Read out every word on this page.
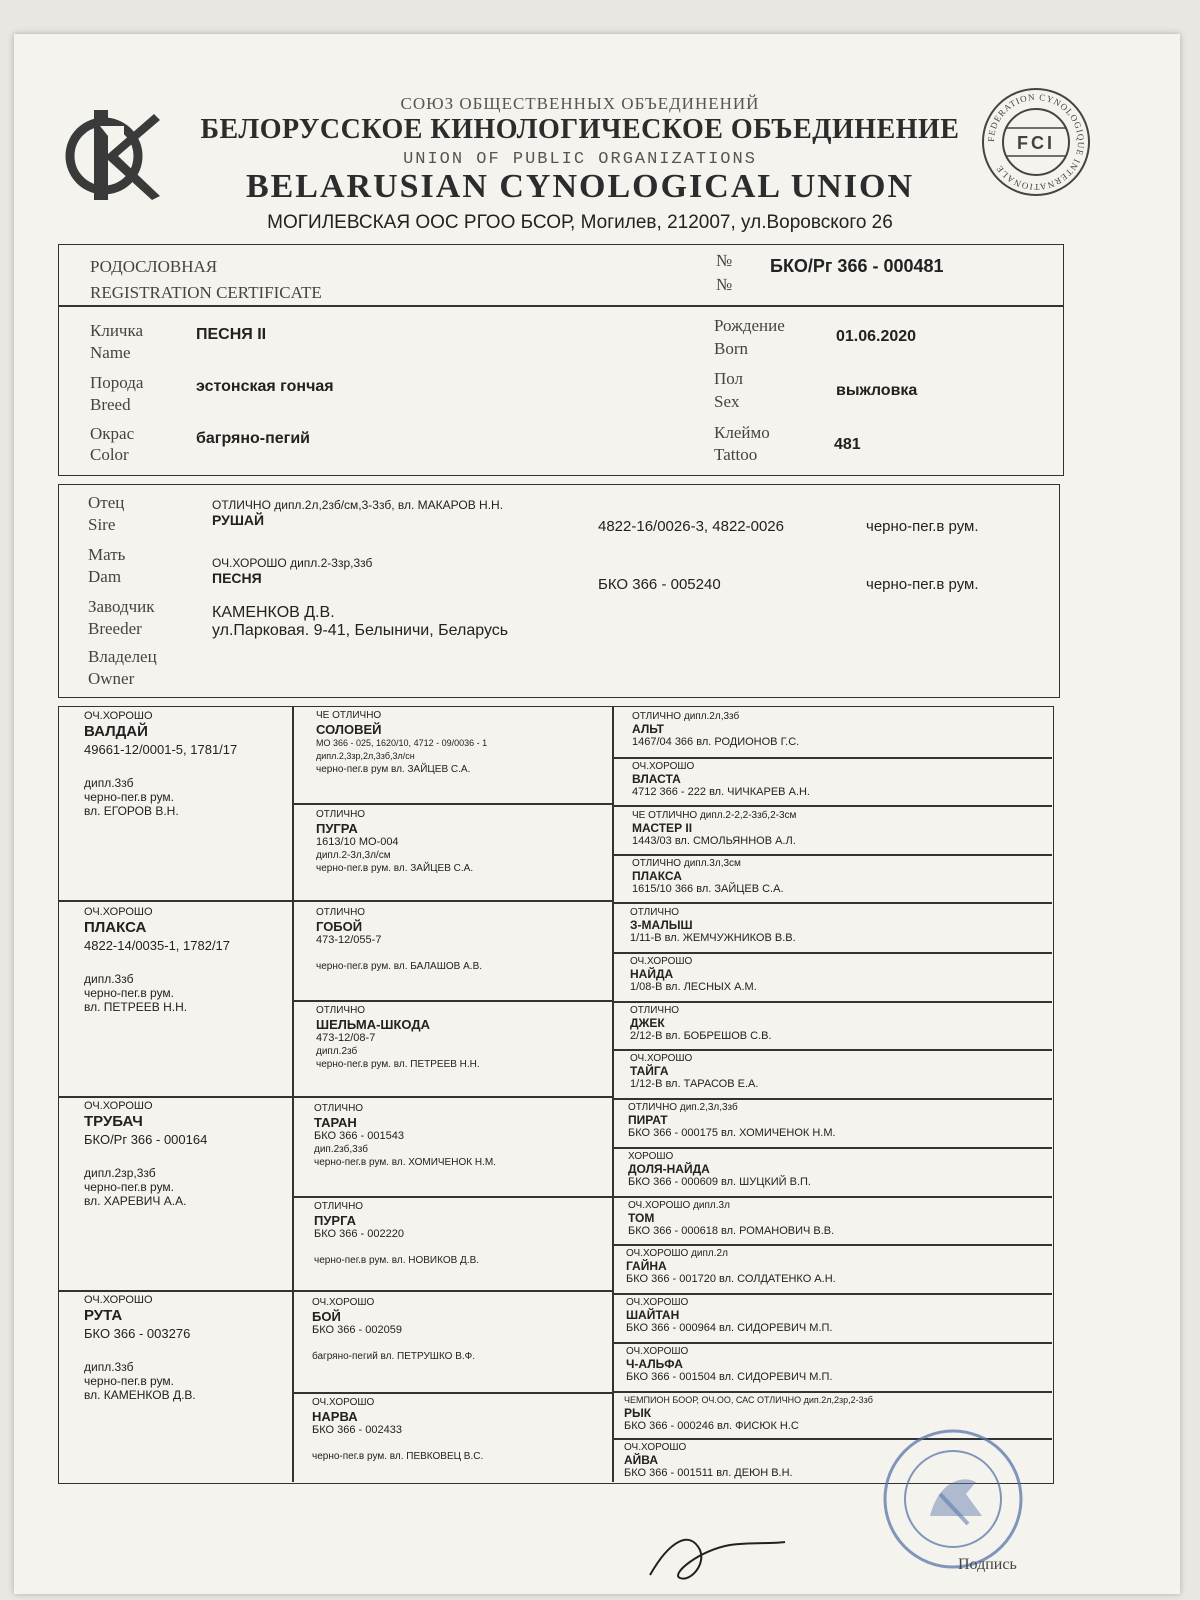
СОЮЗ ОБЩЕСТВЕННЫХ ОБЪЕДИНЕНИЙ
БЕЛОРУССКОЕ КИНОЛОГИЧЕСКОЕ ОБЪЕДИНЕНИЕ
UNION OF PUBLIC ORGANIZATIONS
BELARUSIAN CYNOLOGICAL UNION
МОГИЛЕВСКАЯ ООС РГОО БСОР, Могилев, 212007, ул.Воровского 26
FEDERATION CYNOLOGIQUE INTERNATIONALE
FCI
РОДОСЛОВНАЯ
REGISTRATION CERTIFICATE
№
№
БКО/Рг 366 - 000481
Кличка
Name
ПЕСНЯ II
Порода
Breed
эстонская гончая
Окрас
Color
багряно-пегий
Рождение
Born
01.06.2020
Пол
Sex
выжловка
Клеймо
Tattoo
481
Отец
Sire
ОТЛИЧНО дипл.2л,2зб/см,3-3зб, вл. МАКАРОВ Н.Н.
РУШАЙ	4822-16/0026-3, 4822-0026	черно-пег.в рум.
Мать
Dam
ОЧ.ХОРОШО дипл.2-3зр,3зб
ПЕСНЯ	БКО 366 - 005240	черно-пег.в рум.
Заводчик
Breeder
КАМЕНКОВ Д.В.
ул.Парковая. 9-41, Белыничи, Беларусь
Владелец
Owner
ОЧ.ХОРОШО
ВАЛДАЙ
49661-12/0001-5, 1781/17
дипл.3зб
черно-пег.в рум.
вл. ЕГОРОВ В.Н.
ОЧ.ХОРОШО
ПЛАКСА
4822-14/0035-1, 1782/17
дипл.3зб
черно-пег.в рум.
вл. ПЕТРЕЕВ Н.Н.
ОЧ.ХОРОШО
ТРУБАЧ
БКО/Рг 366 - 000164
дипл.2зр,3зб
черно-пег.в рум.
вл. ХАРЕВИЧ А.А.
ОЧ.ХОРОШО
РУТА
БКО 366 - 003276
дипл.3зб
черно-пег.в рум.
вл. КАМЕНКОВ Д.В.
ЧЕ ОТЛИЧНО
СОЛОВЕЙ
МО 366 - 025, 1620/10, 4712 - 09/0036 - 1
дипл.2,3зр,2л,3зб,3л/сн
черно-пег.в рум вл. ЗАЙЦЕВ С.А.
ОТЛИЧНО
ПУГРА
1613/10 МО-004
дипл.2-3л,3л/см
черно-пег.в рум. вл. ЗАЙЦЕВ С.А.
ОТЛИЧНО
ГОБОЙ
473-12/055-7
черно-пег.в рум. вл. БАЛАШОВ А.В.
ОТЛИЧНО
ШЕЛЬМА-ШКОДА
473-12/08-7
дипл.2зб
черно-пег.в рум. вл. ПЕТРЕЕВ Н.Н.
ОТЛИЧНО
ТАРАН
БКО 366 - 001543
дип.2зб,3зб
черно-пег.в рум. вл. ХОМИЧЕНОК Н.М.
ОТЛИЧНО
ПУРГА
БКО 366 - 002220
черно-пег.в рум. вл. НОВИКОВ Д.В.
ОЧ.ХОРОШО
БОЙ
БКО 366 - 002059
багряно-пегий вл. ПЕТРУШКО В.Ф.
ОЧ.ХОРОШО
НАРВА
БКО 366 - 002433
черно-пег.в рум. вл. ПЕВКОВЕЦ В.С.
ОТЛИЧНО дипл.2л,3зб
АЛЬТ
1467/04 366 вл. РОДИОНОВ Г.С.
ОЧ.ХОРОШО
ВЛАСТА
4712 366 - 222 вл. ЧИЧКАРЕВ А.Н.
ЧЕ ОТЛИЧНО дипл.2-2,2-3зб,2-3см
МАСТЕР II
1443/03 вл. СМОЛЬЯННОВ А.Л.
ОТЛИЧНО дипл.3л,3см
ПЛАКСА
1615/10 366 вл. ЗАЙЦЕВ С.А.
ОТЛИЧНО
З-МАЛЫШ
1/11-В вл. ЖЕМЧУЖНИКОВ В.В.
ОЧ.ХОРОШО
НАЙДА
1/08-В вл. ЛЕСНЫХ А.М.
ОТЛИЧНО
ДЖЕК
2/12-В вл. БОБРЕШОВ С.В.
ОЧ.ХОРОШО
ТАЙГА
1/12-В вл. ТАРАСОВ Е.А.
ОТЛИЧНО дип.2,3л,3зб
ПИРАТ
БКО 366 - 000175 вл. ХОМИЧЕНОК Н.М.
ХОРОШО
ДОЛЯ-НАЙДА
БКО 366 - 000609 вл. ШУЦКИЙ В.П.
ОЧ.ХОРОШО дипл.3л
ТОМ
БКО 366 - 000618 вл. РОМАНОВИЧ В.В.
ОЧ.ХОРОШО дипл.2л
ГАЙНА
БКО 366 - 001720 вл. СОЛДАТЕНКО А.Н.
ОЧ.ХОРОШО
ШАЙТАН
БКО 366 - 000964 вл. СИДОРЕВИЧ М.П.
ОЧ.ХОРОШО
Ч-АЛЬФА
БКО 366 - 001504 вл. СИДОРЕВИЧ М.П.
ЧЕМПИОН БООР, ОЧ.ОО, САС ОТЛИЧНО дип.2л,2зр,2-3зб
РЫК
БКО 366 - 000246 вл. ФИСЮК Н.С
ОЧ.ХОРОШО
АЙВА
БКО 366 - 001511 вл. ДЕЮН В.Н.
Подпись
